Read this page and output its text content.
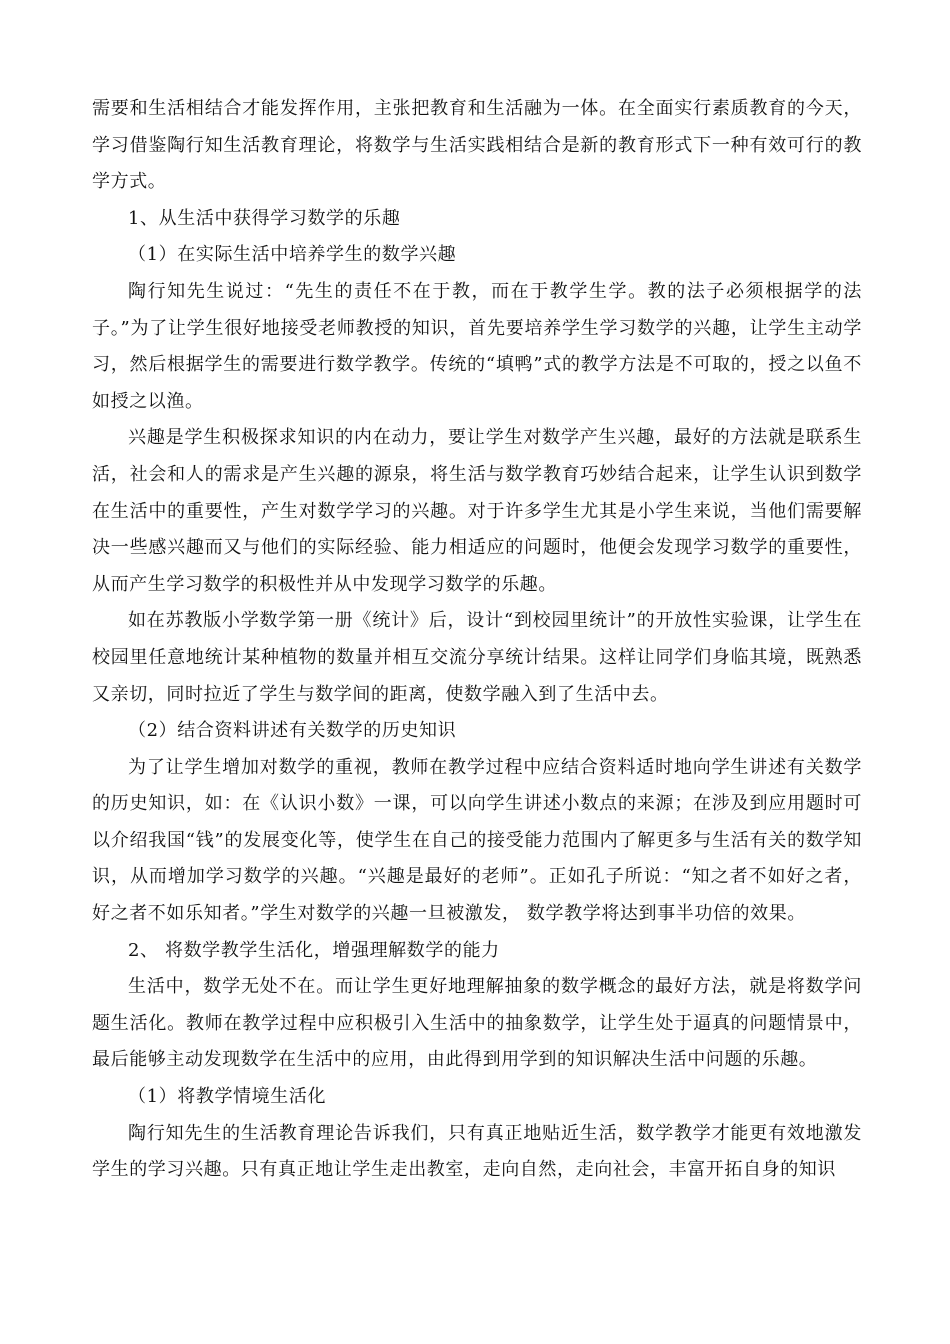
需要和生活相结合才能发挥作用，主张把教育和生活融为一体。在全面实行素质教育的今天，学习借鉴陶行知生活教育理论，将数学与生活实践相结合是新的教育形式下一种有效可行的教学方式。

1、从生活中获得学习数学的乐趣

（1）在实际生活中培养学生的数学兴趣

陶行知先生说过：“先生的责任不在于教，而在于教学生学。教的法子必须根据学的法子。”为了让学生很好地接受老师教授的知识，首先要培养学生学习数学的兴趣，让学生主动学习，然后根据学生的需要进行数学教学。传统的“填鸭”式的教学方法是不可取的，授之以鱼不如授之以渔。

兴趣是学生积极探求知识的内在动力，要让学生对数学产生兴趣，最好的方法就是联系生活，社会和人的需求是产生兴趣的源泉，将生活与数学教育巧妙结合起来，让学生认识到数学在生活中的重要性，产生对数学学习的兴趣。对于许多学生尤其是小学生来说，当他们需要解决一些感兴趣而又与他们的实际经验、能力相适应的问题时，他便会发现学习数学的重要性，从而产生学习数学的积极性并从中发现学习数学的乐趣。

如在苏教版小学数学第一册《统计》后，设计“到校园里统计”的开放性实验课，让学生在校园里任意地统计某种植物的数量并相互交流分享统计结果。这样让同学们身临其境，既熟悉又亲切，同时拉近了学生与数学间的距离，使数学融入到了生活中去。

（2）结合资料讲述有关数学的历史知识

为了让学生增加对数学的重视，教师在教学过程中应结合资料适时地向学生讲述有关数学的历史知识，如：在《认识小数》一课，可以向学生讲述小数点的来源；在涉及到应用题时可以介绍我国“钱”的发展变化等，使学生在自己的接受能力范围内了解更多与生活有关的数学知识，从而增加学习数学的兴趣。“兴趣是最好的老师”。正如孔子所说：“知之者不如好之者，好之者不如乐知者。”学生对数学的兴趣一旦被激发， 数学教学将达到事半功倍的效果。

2、 将数学教学生活化，增强理解数学的能力

生活中，数学无处不在。而让学生更好地理解抽象的数学概念的最好方法，就是将数学问题生活化。教师在教学过程中应积极引入生活中的抽象数学，让学生处于逼真的问题情景中，最后能够主动发现数学在生活中的应用，由此得到用学到的知识解决生活中问题的乐趣。

（1）将教学情境生活化

陶行知先生的生活教育理论告诉我们，只有真正地贴近生活，数学教学才能更有效地激发学生的学习兴趣。只有真正地让学生走出教室，走向自然，走向社会，丰富开拓自身的知识
